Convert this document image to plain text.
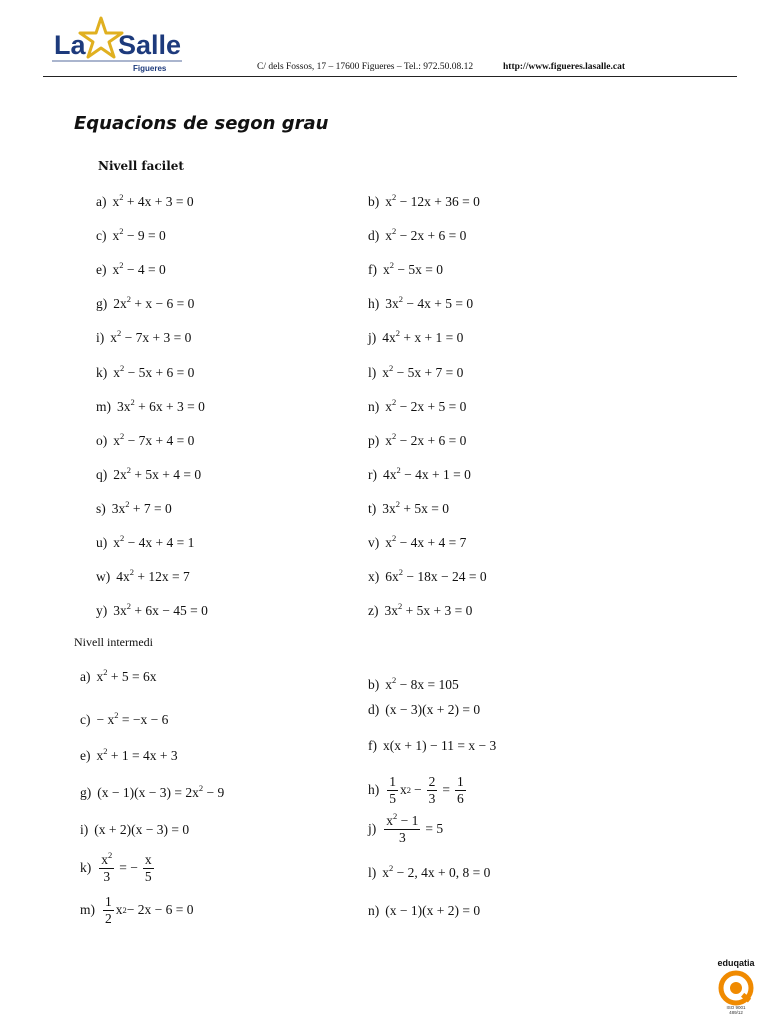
La Salle
Figueres	C/ dels Fossos, 17 – 17600 Figueres – Tel.: 972.50.08.12	http://www.figueres.lasalle.cat
Equacions de segon grau
Nivell facilet
a) $x^2 + 4x + 3 = 0$
c) $x^2 - 9 = 0$
e) $x^2 - 4 = 0$
g) $2x^2 + x - 6 = 0$
i) $x^2 - 7x + 3 = 0$
k) $x^2 - 5x + 6 = 0$
m) $3x^2 + 6x + 3 = 0$
o) $x^2 - 7x + 4 = 0$
q) $2x^2 + 5x + 4 = 0$
s) $3x^2 + 7 = 0$
u) $x^2 - 4x + 4 = 1$
w) $4x^2 + 12x = 7$
y) $3x^2 + 6x - 45 = 0$
b) $x^2 - 12x + 36 = 0$
d) $x^2 - 2x + 6 = 0$
f) $x^2 - 5x = 0$
h) $3x^2 - 4x + 5 = 0$
j) $4x^2 + x + 1 = 0$
l) $x^2 - 5x + 7 = 0$
n) $x^2 - 2x + 5 = 0$
p) $x^2 - 2x + 6 = 0$
r) $4x^2 - 4x + 1 = 0$
t) $3x^2 + 5x = 0$
v) $x^2 - 4x + 4 = 7$
x) $6x^2 - 18x - 24 = 0$
z) $3x^2 + 5x + 3 = 0$
Nivell intermedi
a) $x^2 + 5 = 6x$
$c) - x^2 = -x - 6$
e) $x^2 + 1 = 4x + 3$
g) $(x - 1)(x - 3) = 2x^2 - 9$
i) (x + 2)(x − 3) = 0
$k) \frac{x^2}{3}$ = − $\frac{x}{5}$
$m) \frac{1}{2}$ x 2 − 2x − 6 = 0
b) $x^2 - 8x = 105$
d) (x − 3)(x + 2) = 0
f) x(x + 1) − 11 = x − 3
$h) \frac{1}{5}$ x $2 - \frac{2}{3} = \frac{1}{6}$
$j) \frac{x^2 - 1}{3} = 5$
l) $x^2 - 2$, 4x + 0, 8 = 0
n) (x − 1)(x + 2) = 0
eduqatia
ISO 9001
489/12
